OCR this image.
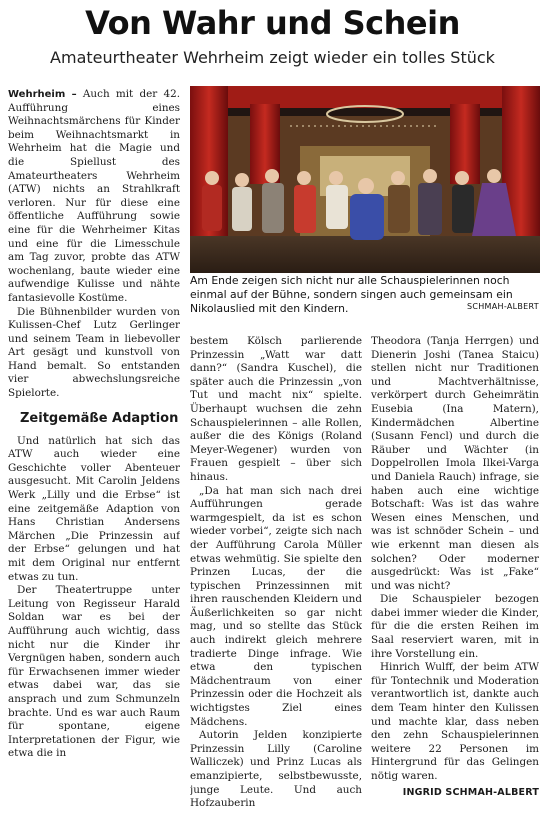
Von Wahr und Schein
Amateurtheater Wehrheim zeigt wieder ein tolles Stück

Wehrheim – Auch mit der 42. Aufführung eines Weihnachtsmärchens für Kinder beim Weihnachtsmarkt in Wehrheim hat die Magie und die Spiellust des Amateurtheaters Wehrheim (ATW) nichts an Strahlkraft verloren. Nur für diese eine öffentliche Aufführung sowie eine für die Wehrheimer Kitas und eine für die Limesschule am Tag zuvor, probte das ATW wochenlang, baute wieder eine aufwendige Kulisse und nähte fantasievolle Kostüme.

Die Bühnenbilder wurden von Kulissen-Chef Lutz Gerlinger und seinem Team in liebevoller Art gesägt und kunstvoll von Hand bemalt. So entstanden vier abwechslungsreiche Spielorte.

Zeitgemäße Adaption

Und natürlich hat sich das ATW auch wieder eine Geschichte voller Abenteuer ausgesucht. Mit Carolin Jeldens Werk „Lilly und die Erbse“ ist eine zeitgemäße Adaption von Hans Christian Andersens Märchen „Die Prinzessin auf der Erbse“ gelungen und hat mit dem Original nur entfernt etwas zu tun.

Der Theatertruppe unter Leitung von Regisseur Harald Soldan war es bei der Aufführung auch wichtig, dass nicht nur die Kinder ihr Vergnügen haben, sondern auch für Erwachsenen immer wieder etwas dabei war, das sie ansprach und zum Schmunzeln brachte. Und es war auch Raum für spontane, eigene Interpretationen der Figur, wie etwa die in

Am Ende zeigen sich nicht nur alle Schauspielerinnen noch einmal auf der Bühne, sondern singen auch gemeinsam ein Nikolauslied mit den Kindern.	SCHMAH-ALBERT

bestem Kölsch parlierende Prinzessin „Watt war datt dann?“ (Sandra Kuschel), die später auch die Prinzessin „von Tut und macht nix“ spielte. Überhaupt wuchsen die zehn Schauspielerinnen – alle Rollen, außer die des Königs (Roland Meyer-Wegener) wurden von Frauen gespielt – über sich hinaus.

„Da hat man sich nach drei Aufführungen gerade warmgespielt, da ist es schon wieder vorbei“, zeigte sich nach der Aufführung Carola Müller etwas wehmütig. Sie spielte den Prinzen Lucas, der die typischen Prinzessinnen mit ihren rauschenden Kleidern und Äußerlichkeiten so gar nicht mag, und so stellte das Stück auch indirekt gleich mehrere tradierte Dinge infrage. Wie etwa den typischen Mädchentraum von einer Prinzessin oder die Hochzeit als wichtigstes Ziel eines Mädchens.

Autorin Jelden konzipierte Prinzessin Lilly (Caroline Walliczek) und Prinz Lucas als emanzipierte, selbstbewusste, junge Leute. Und auch Hofzauberin

Theodora (Tanja Herrgen) und Dienerin Joshi (Tanea Staicu) stellen nicht nur Traditionen und Machtverhältnisse, verkörpert durch Geheimrätin Eusebia (Ina Matern), Kindermädchen Albertine (Susann Fencl) und durch die Räuber und Wächter (in Doppelrollen Imola Ilkei-Varga und Daniela Rauch) infrage, sie haben auch eine wichtige Botschaft: Was ist das wahre Wesen eines Menschen, und was ist schnöder Schein – und wie erkennt man diesen als solchen? Oder moderner ausgedrückt: Was ist „Fake“ und was nicht?

Die Schauspieler bezogen dabei immer wieder die Kinder, für die die ersten Reihen im Saal reserviert waren, mit in ihre Vorstellung ein.

Hinrich Wulff, der beim ATW für Tontechnik und Moderation verantwortlich ist, dankte auch dem Team hinter den Kulissen und machte klar, dass neben den zehn Schauspielerinnen weitere 22 Personen im Hintergrund für das Gelingen nötig waren.

INGRID SCHMAH-ALBERT
